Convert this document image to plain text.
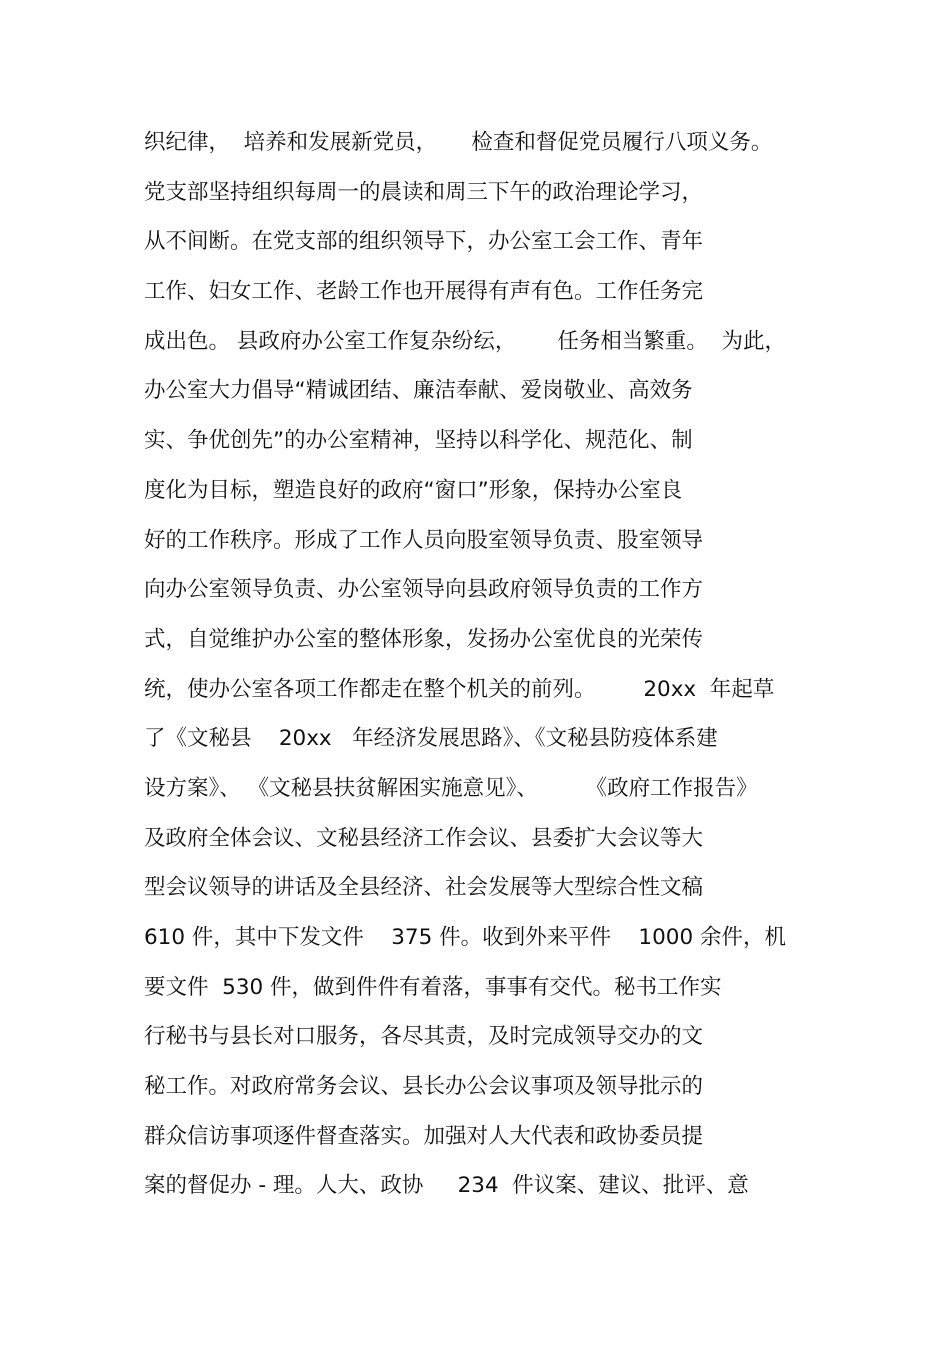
织纪律，  培养和发展新党员，     检查和督促党员履行八项义务。
党支部坚持组织每周一的晨读和周三下午的政治理论学习，
从不间断。在党支部的组织领导下，办公室工会工作、青年
工作、妇女工作、老龄工作也开展得有声有色。工作任务完
成出色。 县政府办公室工作复杂纷纭，      任务相当繁重。  为此，
办公室大力倡导“精诚团结、廉洁奉献、爱岗敬业、高效务
实、争优创先”的办公室精神，坚持以科学化、规范化、制
度化为目标，塑造良好的政府“窗口”形象，保持办公室良
好的工作秩序。形成了工作人员向股室领导负责、股室领导
向办公室领导负责、办公室领导向县政府领导负责的工作方
式，自觉维护办公室的整体形象，发扬办公室优良的光荣传
统，使办公室各项工作都走在整个机关的前列。       20xx  年起草
了《文秘县    20xx   年经济发展思路》、《文秘县防疫体系建
设方案》、 《文秘县扶贫解困实施意见》、       《政府工作报告》
及政府全体会议、文秘县经济工作会议、县委扩大会议等大
型会议领导的讲话及全县经济、社会发展等大型综合性文稿
610 件，其中下发文件    375 件。收到外来平件    1000 余件，机
要文件  530 件，做到件件有着落，事事有交代。秘书工作实
行秘书与县长对口服务，各尽其责，及时完成领导交办的文
秘工作。对政府常务会议、县长办公会议事项及领导批示的
群众信访事项逐件督查落实。加强对人大代表和政协委员提
案的督促办 - 理。人大、政协     234  件议案、建议、批评、意
